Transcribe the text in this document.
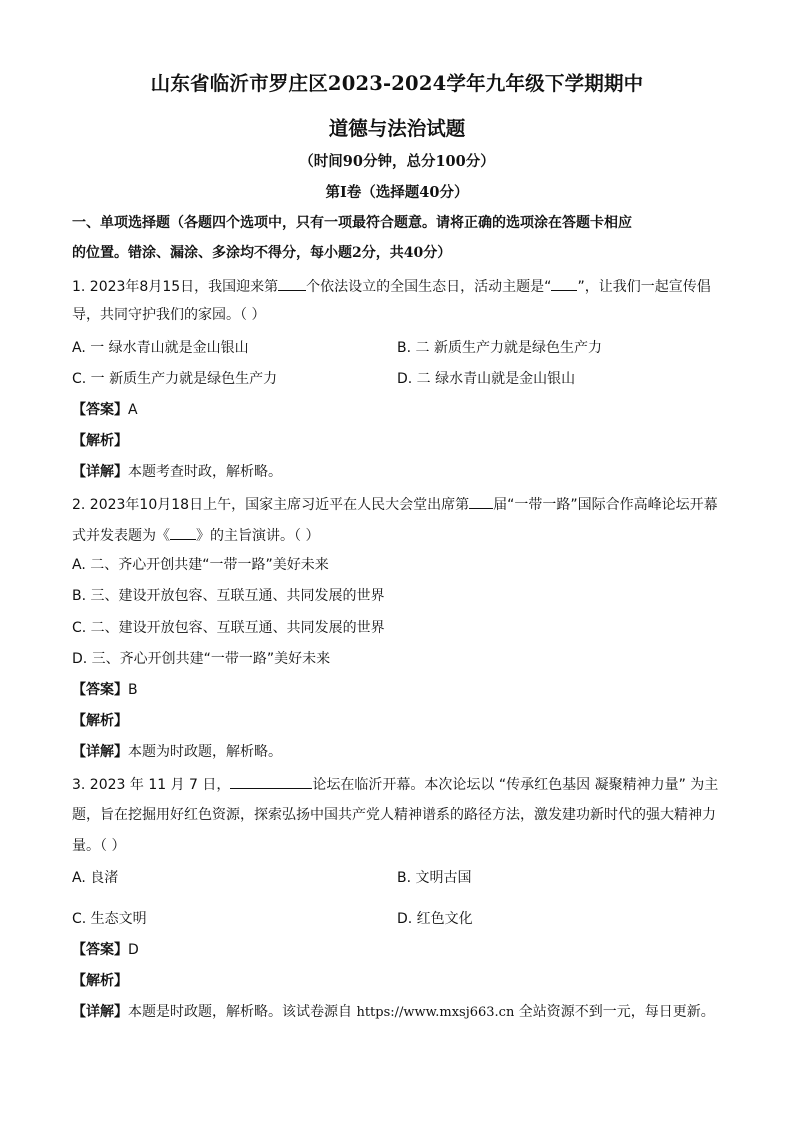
山东省临沂市罗庄区2023-2024学年九年级下学期期中
道德与法治试题
（时间90分钟，总分100分）
第Ⅰ卷（选择题40分）
一、单项选择题（各题四个选项中，只有一项最符合题意。请将正确的选项涂在答题卡相应
的位置。错涂、漏涂、多涂均不得分，每小题2分，共40分）
1. 2023年8月15日，我国迎来第 个依法设立的全国生态日，活动主题是“ ”，让我们一起宣传倡
导，共同守护我们的家园。（ ）
A. 一 绿水青山就是金山银山	B. 二 新质生产力就是绿色生产力
C. 一 新质生产力就是绿色生产力	D. 二 绿水青山就是金山银山
【答案】A
【解析】
【详解】本题考查时政，解析略。
2. 2023年10月18日上午，国家主席习近平在人民大会堂出席第 届“一带一路”国际合作高峰论坛开幕
式并发表题为《 》的主旨演讲。（ ）
A. 二、齐心开创共建“一带一路”美好未来
B. 三、建设开放包容、互联互通、共同发展的世界
C. 二、建设开放包容、互联互通、共同发展的世界
D. 三、齐心开创共建“一带一路”美好未来
【答案】B
【解析】
【详解】本题为时政题，解析略。
3. 2023 年 11 月 7 日，	论坛在临沂开幕。本次论坛以 “传承红色基因 凝聚精神力量” 为主
题，旨在挖掘用好红色资源，探索弘扬中国共产党人精神谱系的路径方法，激发建功新时代的强大精神力
量。（ ）
A. 良渚	B. 文明古国
C. 生态文明	D. 红色文化
【答案】D
【解析】
【详解】本题是时政题，解析略。该试卷源自 https://www.mxsj663.cn 全站资源不到一元，每日更新。
